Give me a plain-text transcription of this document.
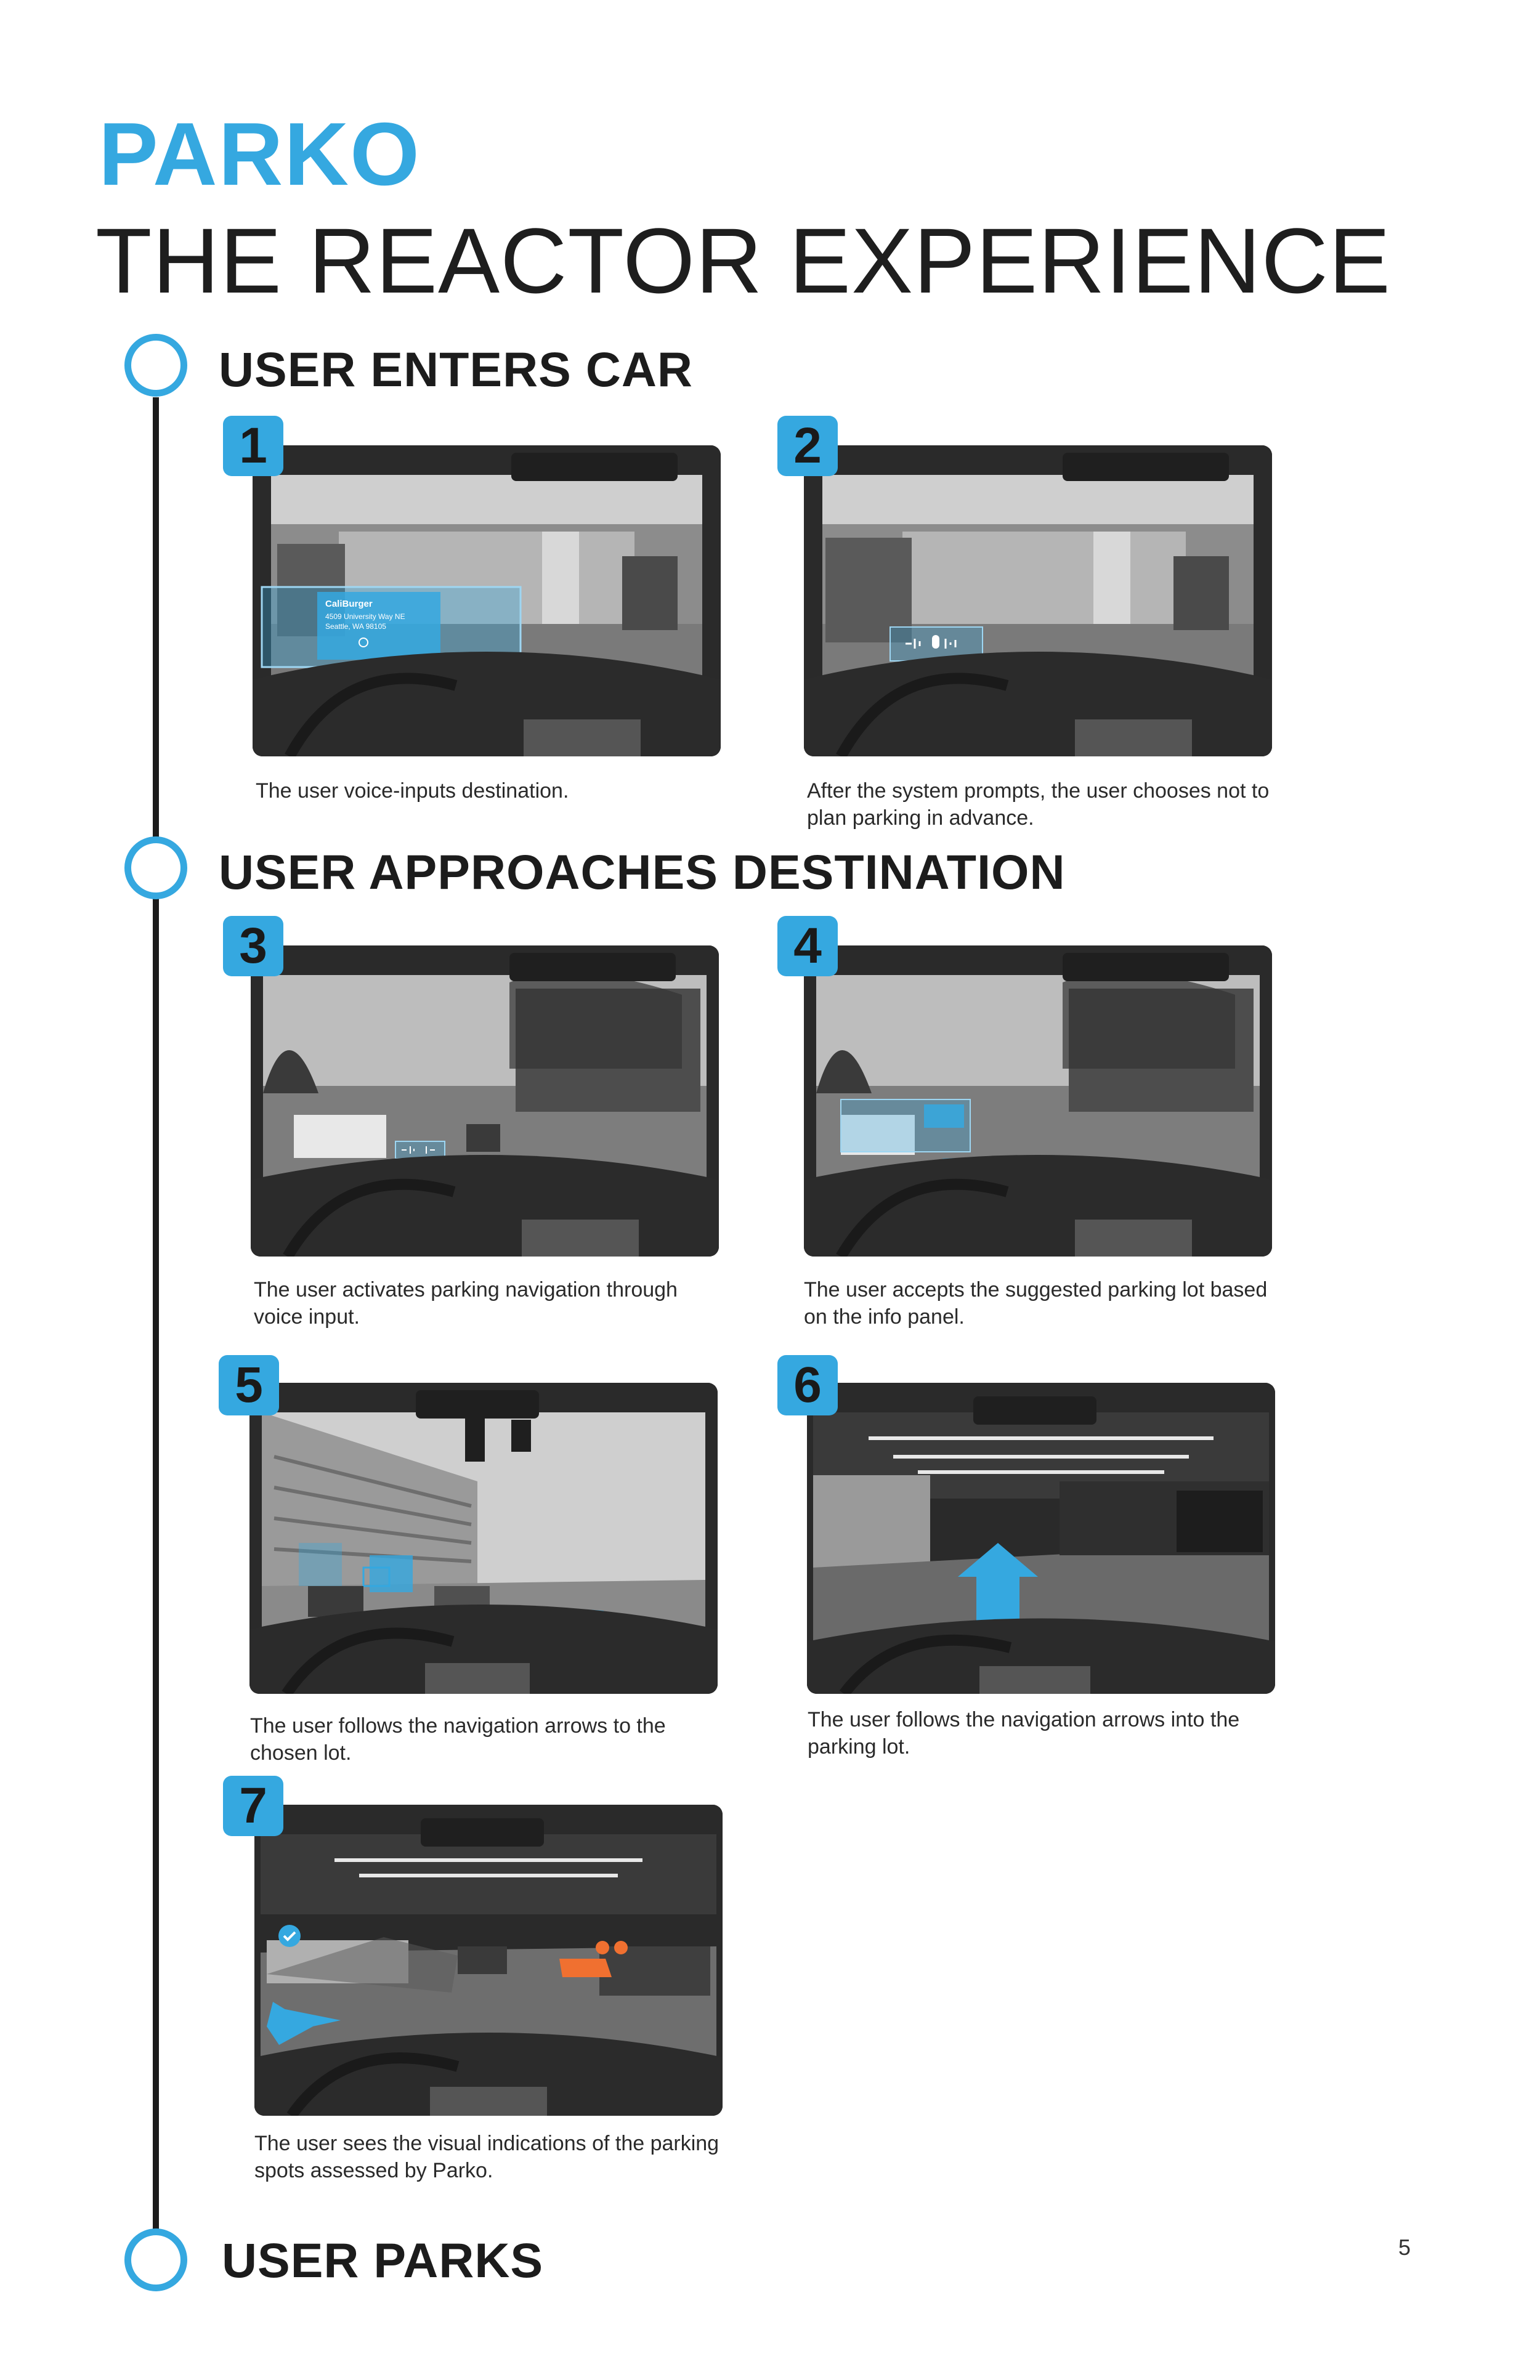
PARKO
THE REACTOR EXPERIENCE
USER ENTERS CAR
USER APPROACHES DESTINATION
USER PARKS
CaliBurger
4509 University Way NE
Seattle, WA 98105
1
The user voice-inputs destination.
2
After the system prompts, the user chooses not to plan parking in advance.
3
The user activates parking navigation through voice input.
4
The user accepts the suggested parking lot based on the info panel.
5
The user follows the navigation arrows to the chosen lot.
6
The user follows the navigation arrows into the parking lot.
7
The user sees the visual indications of the parking spots assessed by Parko.
5
